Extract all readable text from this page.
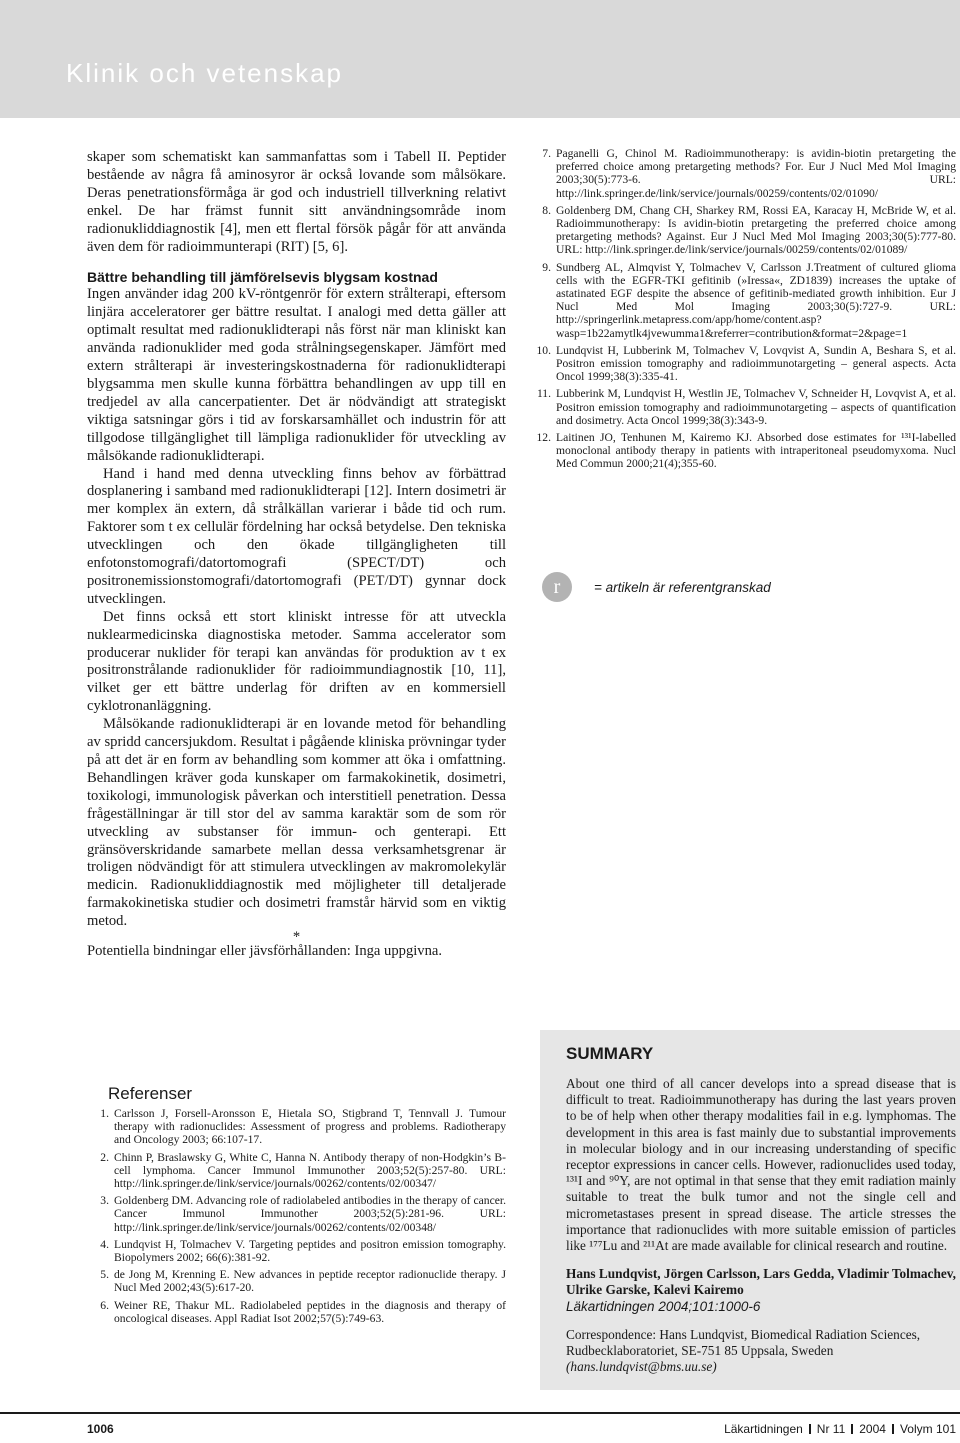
Klinik och vetenskap

skaper som schematiskt kan sammanfattas som i Tabell II. Peptider bestående av några få aminosyror är också lovande som målsökare. Deras penetrationsförmåga är god och industriell tillverkning relativt enkel. De har främst funnit sitt användningsområde inom radionukliddiagnostik [4], men ett flertal försök pågår för att använda även dem för radioimmunterapi (RIT) [5, 6].

Bättre behandling till jämförelsevis blygsam kostnad

Ingen använder idag 200 kV-röntgenrör för extern strålterapi, eftersom linjära acceleratorer ger bättre resultat. I analogi med detta gäller att optimalt resultat med radionuklidterapi nås först när man kliniskt kan använda radionuklider med goda strålningsegenskaper. Jämfört med extern strålterapi är investeringskostnaderna för radionuklidterapi blygsamma men skulle kunna förbättra behandlingen av upp till en tredjedel av alla cancerpatienter. Det är nödvändigt att strategiskt viktiga satsningar görs i tid av forskarsamhället och industrin för att tillgodose tillgänglighet till lämpliga radionuklider för utveckling av målsökande radionuklidterapi.

Hand i hand med denna utveckling finns behov av förbättrad dosplanering i samband med radionuklidterapi [12]. Intern dosimetri är mer komplex än extern, då strålkällan varierar i både tid och rum. Faktorer som t ex cellulär fördelning har också betydelse. Den tekniska utvecklingen och den ökade tillgängligheten till enfotonstomografi/datortomografi (SPECT/DT) och positronemissionstomografi/datortomografi (PET/DT) gynnar dock utvecklingen.

Det finns också ett stort kliniskt intresse för att utveckla nuklearmedicinska diagnostiska metoder. Samma accelerator som producerar nuklider för terapi kan användas för produktion av t ex positronstrålande radionuklider för radioimmundiagnostik [10, 11], vilket ger ett bättre underlag för driften av en kommersiell cyklotronanläggning.

Målsökande radionuklidterapi är en lovande metod för behandling av spridd cancersjukdom. Resultat i pågående kliniska prövningar tyder på att det är en form av behandling som kommer att öka i omfattning. Behandlingen kräver goda kunskaper om farmakokinetik, dosimetri, toxikologi, immunologisk påverkan och interstitiell penetration. Dessa frågeställningar är till stor del av samma karaktär som de som rör utveckling av substanser för immun- och genterapi. Ett gränsöverskridande samarbete mellan dessa verksamhetsgrenar är troligen nödvändigt för att stimulera utvecklingen av makromolekylär medicin. Radionukliddiagnostik med möjligheter till detaljerade farmakokinetiska studier och dosimetri framstår härvid som en viktig metod.

*

Potentiella bindningar eller jävsförhållanden: Inga uppgivna.

Referenser
1. Carlsson J, Forsell-Aronsson E, Hietala SO, Stigbrand T, Tennvall J. Tumour therapy with radionuclides: Assessment of progress and problems. Radiotherapy and Oncology 2003; 66:107-17.
2. Chinn P, Braslawsky G, White C, Hanna N. Antibody therapy of non-Hodgkin’s B-cell lymphoma. Cancer Immunol Immunother 2003;52(5):257-80. URL: http://link.springer.de/link/service/journals/00262/contents/02/00347/
3. Goldenberg DM. Advancing role of radiolabeled antibodies in the therapy of cancer. Cancer Immunol Immunother 2003;52(5):281-96. URL: http://link.springer.de/link/service/journals/00262/contents/02/00348/
4. Lundqvist H, Tolmachev V. Targeting peptides and positron emission tomography. Biopolymers 2002; 66(6):381-92.
5. de Jong M, Krenning E. New advances in peptide receptor radionuclide therapy. J Nucl Med 2002;43(5):617-20.
6. Weiner RE, Thakur ML. Radiolabeled peptides in the diagnosis and therapy of oncological diseases. Appl Radiat Isot 2002;57(5):749-63.
7. Paganelli G, Chinol M. Radioimmunotherapy: is avidin-biotin pretargeting the preferred choice among pretargeting methods? For. Eur J Nucl Med Mol Imaging 2003;30(5):773-6. URL: http://link.springer.de/link/service/journals/00259/contents/02/01090/
8. Goldenberg DM, Chang CH, Sharkey RM, Rossi EA, Karacay H, McBride W, et al. Radioimmunotherapy: Is avidin-biotin pretargeting the preferred choice among pretargeting methods? Against. Eur J Nucl Med Mol Imaging 2003;30(5):777-80. URL: http://link.springer.de/link/service/journals/00259/contents/02/01089/
9. Sundberg AL, Almqvist Y, Tolmachev V, Carlsson J.Treatment of cultured glioma cells with the EGFR-TKI gefitinib (»Iressa«, ZD1839) increases the uptake of astatinated EGF despite the absence of gefitinib-mediated growth inhibition. Eur J Nucl Med Mol Imaging 2003;30(5):727-9. URL: http://springerlink.metapress.com/app/home/content.asp?wasp=1b22amytlk4jvewumma1&referrer=contribution&format=2&page=1
10. Lundqvist H, Lubberink M, Tolmachev V, Lovqvist A, Sundin A, Beshara S, et al. Positron emission tomography and radioimmunotargeting – general aspects. Acta Oncol 1999;38(3):335-41.
11. Lubberink M, Lundqvist H, Westlin JE, Tolmachev V, Schneider H, Lovqvist A, et al. Positron emission tomography and radioimmunotargeting – aspects of quantification and dosimetry. Acta Oncol 1999;38(3):343-9.
12. Laitinen JO, Tenhunen M, Kairemo KJ. Absorbed dose estimates for ¹³¹I-labelled monoclonal antibody therapy in patients with intraperitoneal pseudomyxoma. Nucl Med Commun 2000;21(4);355-60.
r = artikeln är referentgranskad
SUMMARY

About one third of all cancer develops into a spread disease that is difficult to treat. Radioimmunotherapy has during the last years proven to be of help when other therapy modalities fail in e.g. lymphomas. The development in this area is fast mainly due to substantial improvements in molecular biology and in our increasing understanding of specific receptor expressions in cancer cells. However, radionuclides used today, ¹³¹I and ⁹⁰Y, are not optimal in that sense that they emit radiation mainly suitable to treat the bulk tumor and not the single cell and micrometastases present in spread disease. The article stresses the importance that radionuclides with more suitable emission of particles like ¹⁷⁷Lu and ²¹¹At are made available for clinical research and routine.

Hans Lundqvist, Jörgen Carlsson, Lars Gedda, Vladimir Tolmachev, Ulrike Garske, Kalevi Kairemo

Läkartidningen 2004;101:1000-6

Correspondence: Hans Lundqvist, Biomedical Radiation Sciences, Rudbecklaboratoriet, SE-751 85 Uppsala, Sweden

(hans.lundqvist@bms.uu.se)

1006	Läkartidningen Nr 11 2004 Volym 101
